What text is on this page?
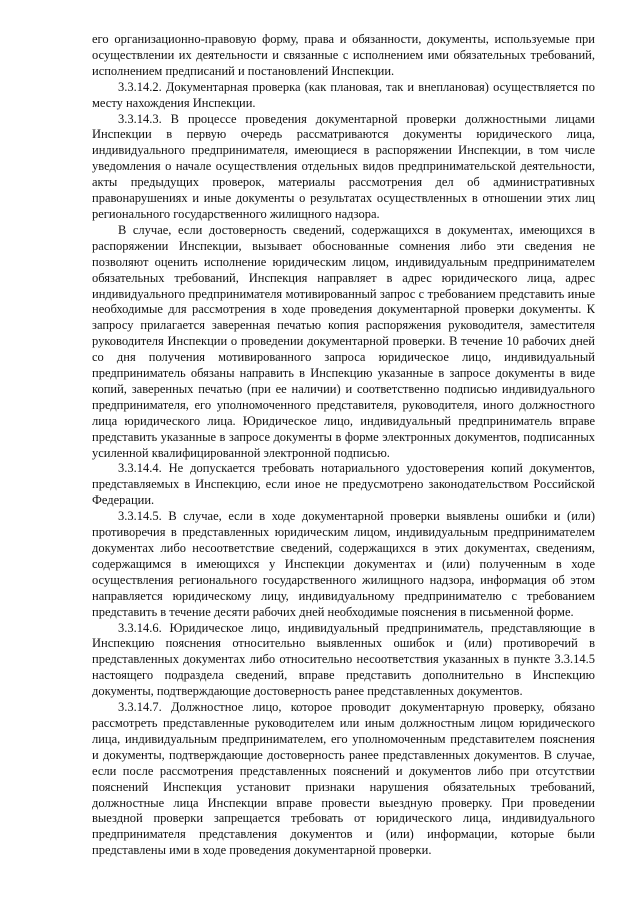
его организационно-правовую форму, права и обязанности, документы, используемые при осуществлении их деятельности и связанные с исполнением ими обязательных требований, исполнением предписаний и постановлений Инспекции.

3.3.14.2. Документарная проверка (как плановая, так и внеплановая) осуществляется по месту нахождения Инспекции.

3.3.14.3. В процессе проведения документарной проверки должностными лицами Инспекции в первую очередь рассматриваются документы юридического лица, индивидуального предпринимателя, имеющиеся в распоряжении Инспекции, в том числе уведомления о начале осуществления отдельных видов предпринимательской деятельности, акты предыдущих проверок, материалы рассмотрения дел об административных правонарушениях и иные документы о результатах осуществленных в отношении этих лиц регионального государственного жилищного надзора.

В случае, если достоверность сведений, содержащихся в документах, имеющихся в распоряжении Инспекции, вызывает обоснованные сомнения либо эти сведения не позволяют оценить исполнение юридическим лицом, индивидуальным предпринимателем обязательных требований, Инспекция направляет в адрес юридического лица, адрес индивидуального предпринимателя мотивированный запрос с требованием представить иные необходимые для рассмотрения в ходе проведения документарной проверки документы. К запросу прилагается заверенная печатью копия распоряжения руководителя, заместителя руководителя Инспекции о проведении документарной проверки. В течение 10 рабочих дней со дня получения мотивированного запроса юридическое лицо, индивидуальный предприниматель обязаны направить в Инспекцию указанные в запросе документы в виде копий, заверенных печатью (при ее наличии) и соответственно подписью индивидуального предпринимателя, его уполномоченного представителя, руководителя, иного должностного лица юридического лица. Юридическое лицо, индивидуальный предприниматель вправе представить указанные в запросе документы в форме электронных документов, подписанных усиленной квалифицированной электронной подписью.

3.3.14.4. Не допускается требовать нотариального удостоверения копий документов, представляемых в Инспекцию, если иное не предусмотрено законодательством Российской Федерации.

3.3.14.5. В случае, если в ходе документарной проверки выявлены ошибки и (или) противоречия в представленных юридическим лицом, индивидуальным предпринимателем документах либо несоответствие сведений, содержащихся в этих документах, сведениям, содержащимся в имеющихся у Инспекции документах и (или) полученным в ходе осуществления регионального государственного жилищного надзора, информация об этом направляется юридическому лицу, индивидуальному предпринимателю с требованием представить в течение десяти рабочих дней необходимые пояснения в письменной форме.

3.3.14.6. Юридическое лицо, индивидуальный предприниматель, представляющие в Инспекцию пояснения относительно выявленных ошибок и (или) противоречий в представленных документах либо относительно несоответствия указанных в пункте 3.3.14.5 настоящего подраздела сведений, вправе представить дополнительно в Инспекцию документы, подтверждающие достоверность ранее представленных документов.

3.3.14.7. Должностное лицо, которое проводит документарную проверку, обязано рассмотреть представленные руководителем или иным должностным лицом юридического лица, индивидуальным предпринимателем, его уполномоченным представителем пояснения и документы, подтверждающие достоверность ранее представленных документов. В случае, если после рассмотрения представленных пояснений и документов либо при отсутствии пояснений Инспекция установит признаки нарушения обязательных требований, должностные лица Инспекции вправе провести выездную проверку. При проведении выездной проверки запрещается требовать от юридического лица, индивидуального предпринимателя представления документов и (или) информации, которые были представлены ими в ходе проведения документарной проверки.
